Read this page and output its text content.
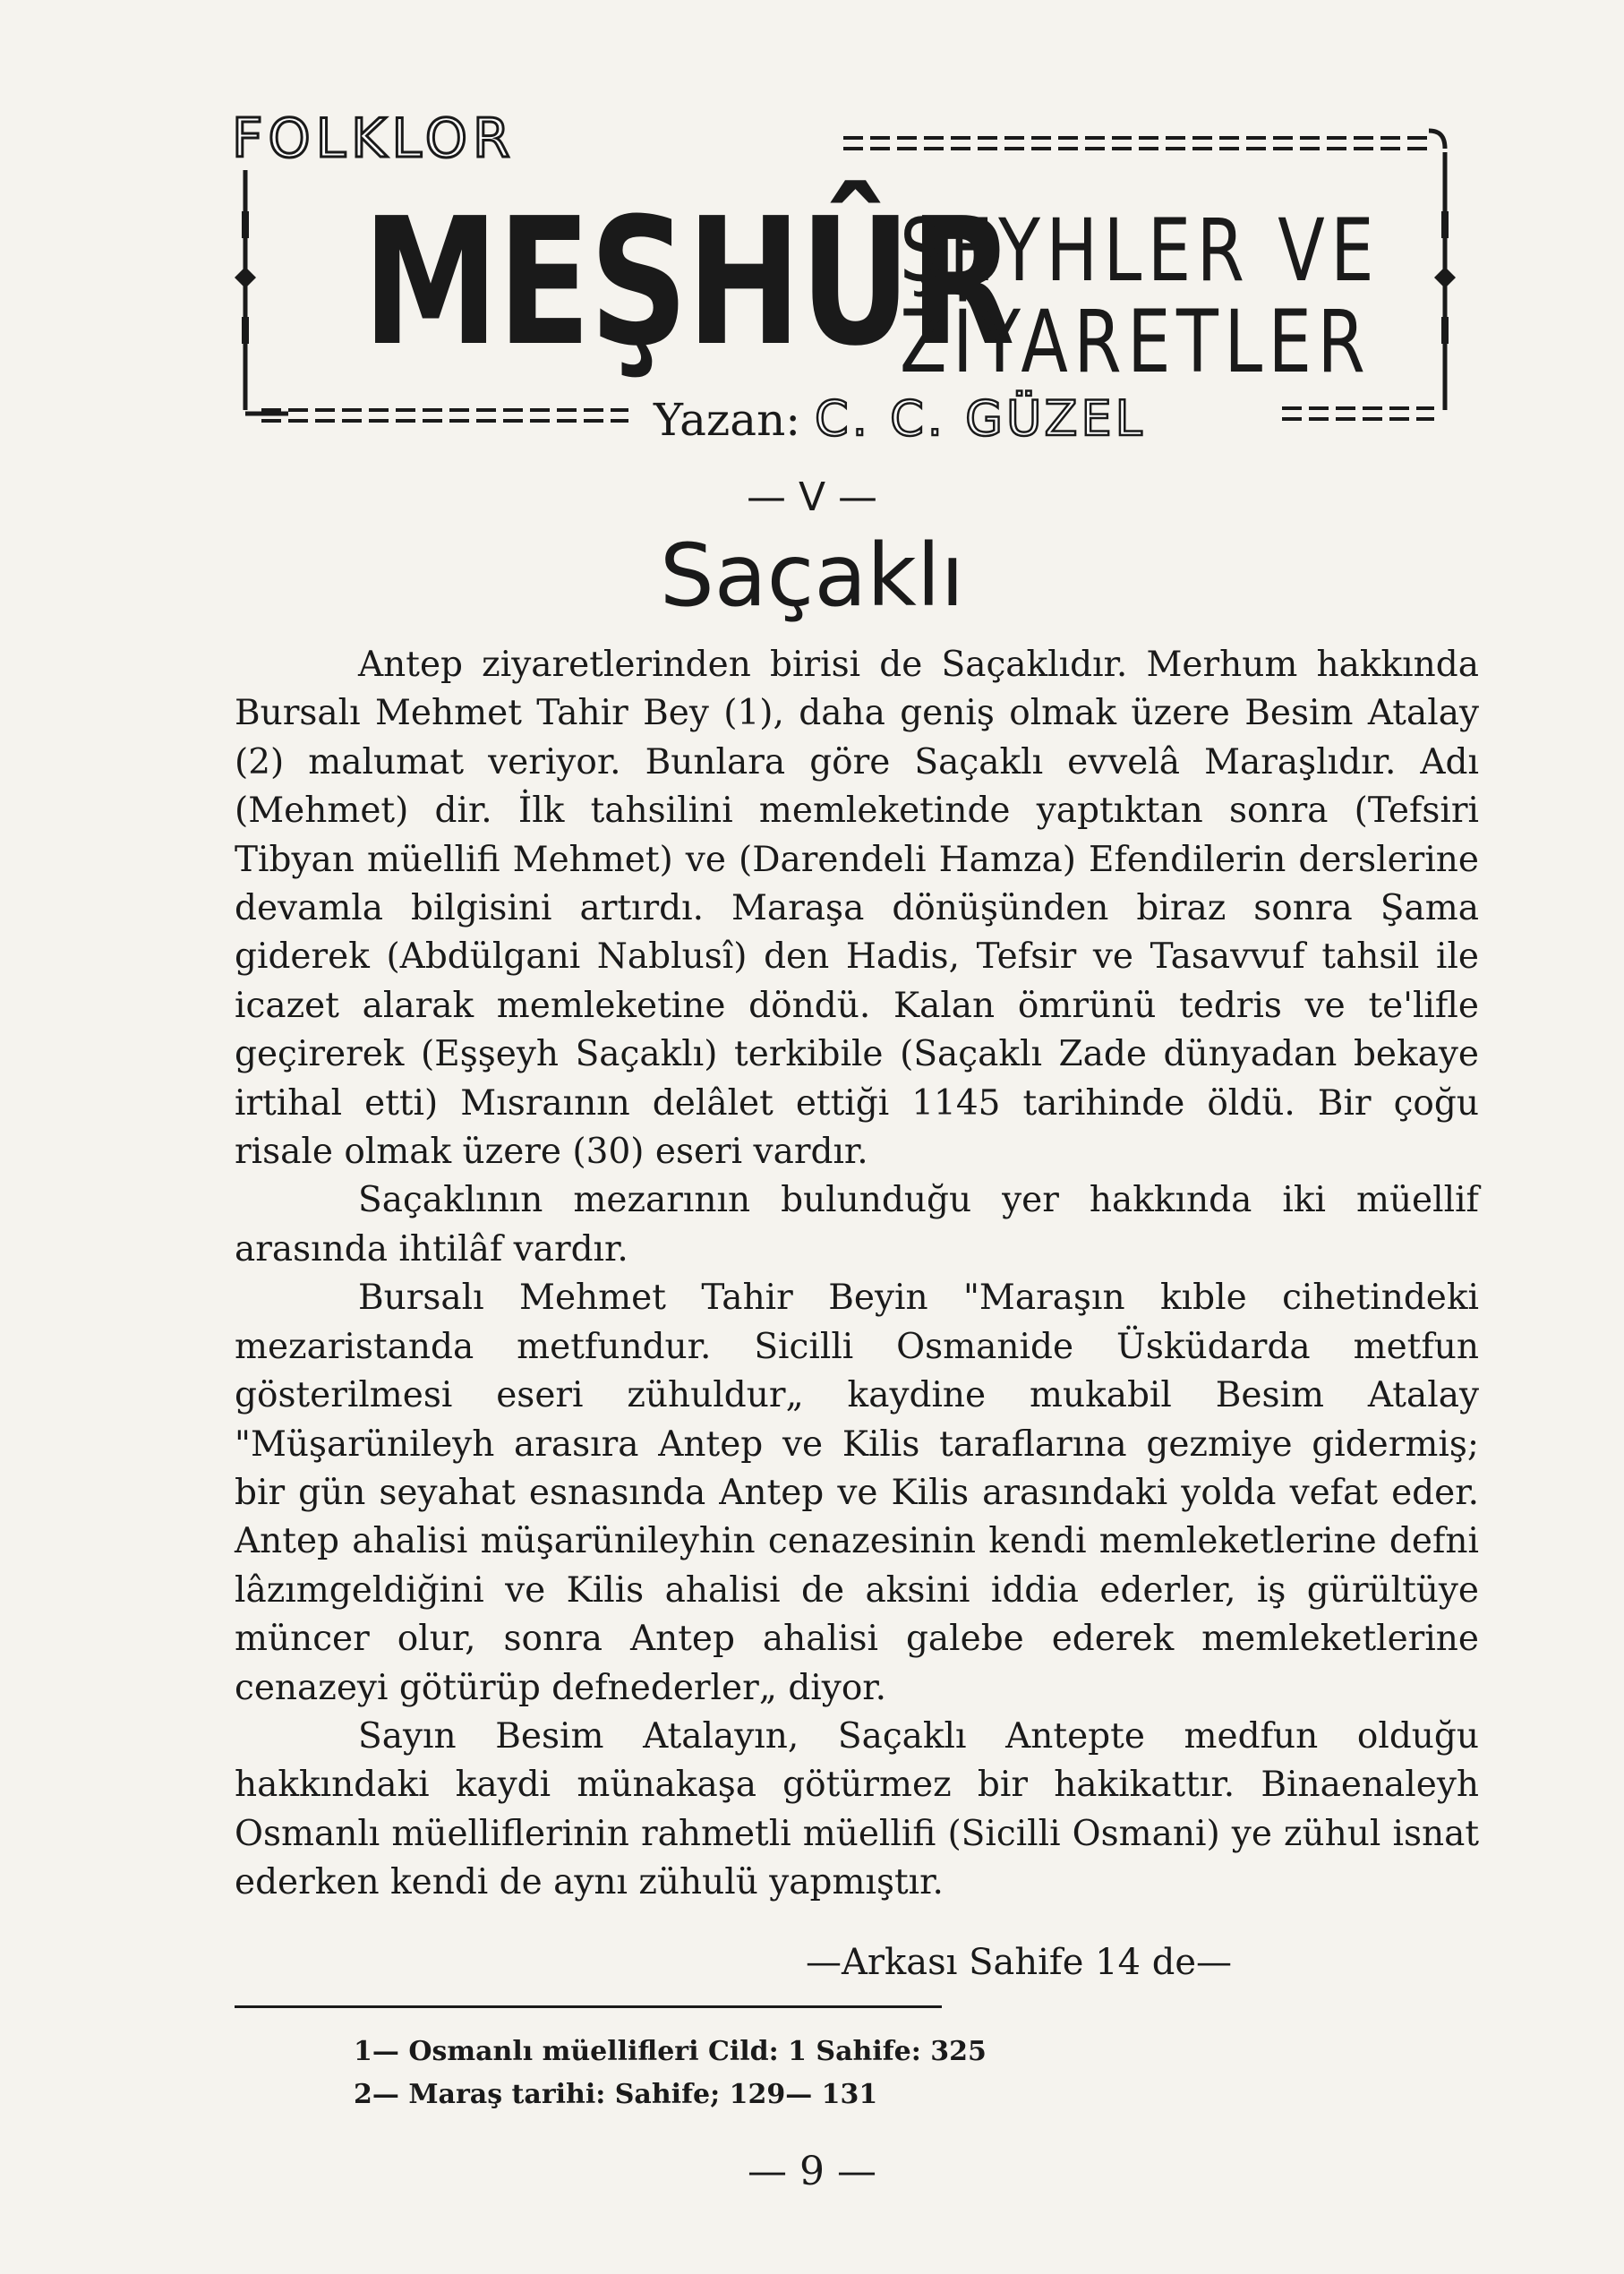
FOLKLOR
MEŞHÛR
ŞEYHLER VE
ZİYARETLER
Yazan: C. C. GÜZEL
— V —
Saçaklı

Antep ziyaretlerinden birisi de Saçaklıdır. Merhum hakkında Bursalı Mehmet Tahir Bey (1), daha geniş olmak üzere Besim Atalay (2) malumat veriyor. Bunlara göre Saçaklı evvelâ Maraşlıdır. Adı (Mehmet) dir. İlk tahsilini memleketinde yaptıktan sonra (Tefsiri Tibyan müellifi Mehmet) ve (Darendeli Hamza) Efendilerin derslerine devamla bilgisini artırdı. Maraşa dönüşünden biraz sonra Şama giderek (Abdülgani Nablusî) den Hadis, Tefsir ve Tasavvuf tahsil ile icazet alarak memleketine döndü. Kalan ömrünü tedris ve te'lifle geçirerek (Eşşeyh Saçaklı) terkibile (Saçaklı Zade dünyadan bekaye irtihal etti) Mısraının delâlet ettiği 1145 tarihinde öldü. Bir çoğu risale olmak üzere (30) eseri vardır.

Saçaklının mezarının bulunduğu yer hakkında iki müellif arasında ihtilâf vardır.

Bursalı Mehmet Tahir Beyin "Maraşın kıble cihetindeki mezaristanda metfundur. Sicilli Osmanide Üsküdarda metfun gösterilmesi eseri zühuldur„ kaydine mukabil Besim Atalay "Müşarünileyh arasıra Antep ve Kilis taraflarına gezmiye gidermiş; bir gün seyahat esnasında Antep ve Kilis arasındaki yolda vefat eder. Antep ahalisi müşarünileyhin cenazesinin kendi memleketlerine defni lâzımgeldiğini ve Kilis ahalisi de aksini iddia ederler, iş gürültüye müncer olur, sonra Antep ahalisi galebe ederek memleketlerine cenazeyi götürüp defnederler„ diyor.

Sayın Besim Atalayın, Saçaklı Antepte medfun olduğu hakkındaki kaydi münakaşa götürmez bir hakikattır. Binaenaleyh Osmanlı müelliflerinin rahmetli müellifi (Sicilli Osmani) ye zühul isnat ederken kendi de aynı zühulü yapmıştır.

—Arkası Sahife 14 de—
1— Osmanlı müellifleri Cild: 1 Sahife: 325
2— Maraş tarihi: Sahife; 129— 131
— 9 —
